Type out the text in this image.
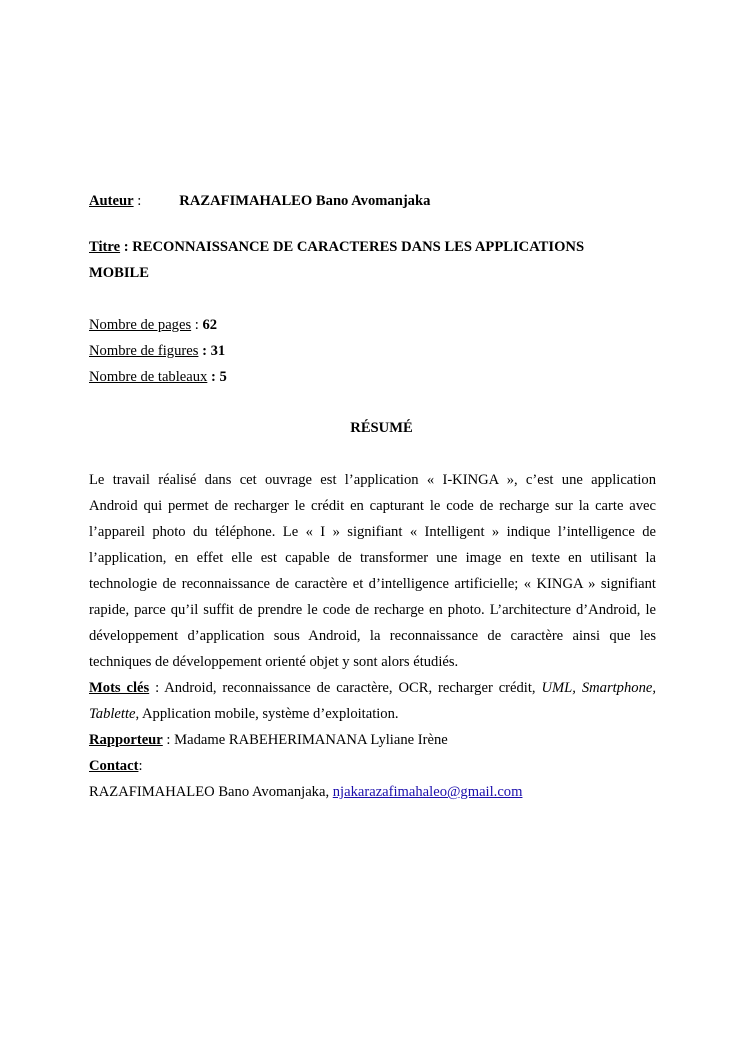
Auteur :	RAZAFIMAHALEO Bano Avomanjaka
Titre : RECONNAISSANCE DE CARACTERES DANS LES APPLICATIONS
MOBILE
Nombre de pages : 62
Nombre de figures : 31
Nombre de tableaux : 5
RÉSUMÉ
Le travail réalisé dans cet ouvrage est l’application « I-KINGA », c’est une application
Android qui permet de recharger le crédit en capturant le code de recharge sur la carte avec
l’appareil photo du téléphone. Le « I » signifiant « Intelligent » indique l’intelligence de
l’application, en effet elle est capable de transformer une image en texte en utilisant la
technologie de reconnaissance de caractère et d’intelligence artificielle; « KINGA » signifiant
rapide, parce qu’il suffit de prendre le code de recharge en photo. L’architecture d’Android, le
développement d’application sous Android, la reconnaissance de caractère ainsi que les
techniques de développement orienté objet y sont alors étudiés.
Mots clés : Android, reconnaissance de caractère, OCR, recharger crédit, UML, Smartphone,
Tablette, Application mobile, système d’exploitation.
Rapporteur : Madame RABEHERIMANANA Lyliane Irène
Contact:
RAZAFIMAHALEO Bano Avomanjaka, njakarazafimahaleo@gmail.com
